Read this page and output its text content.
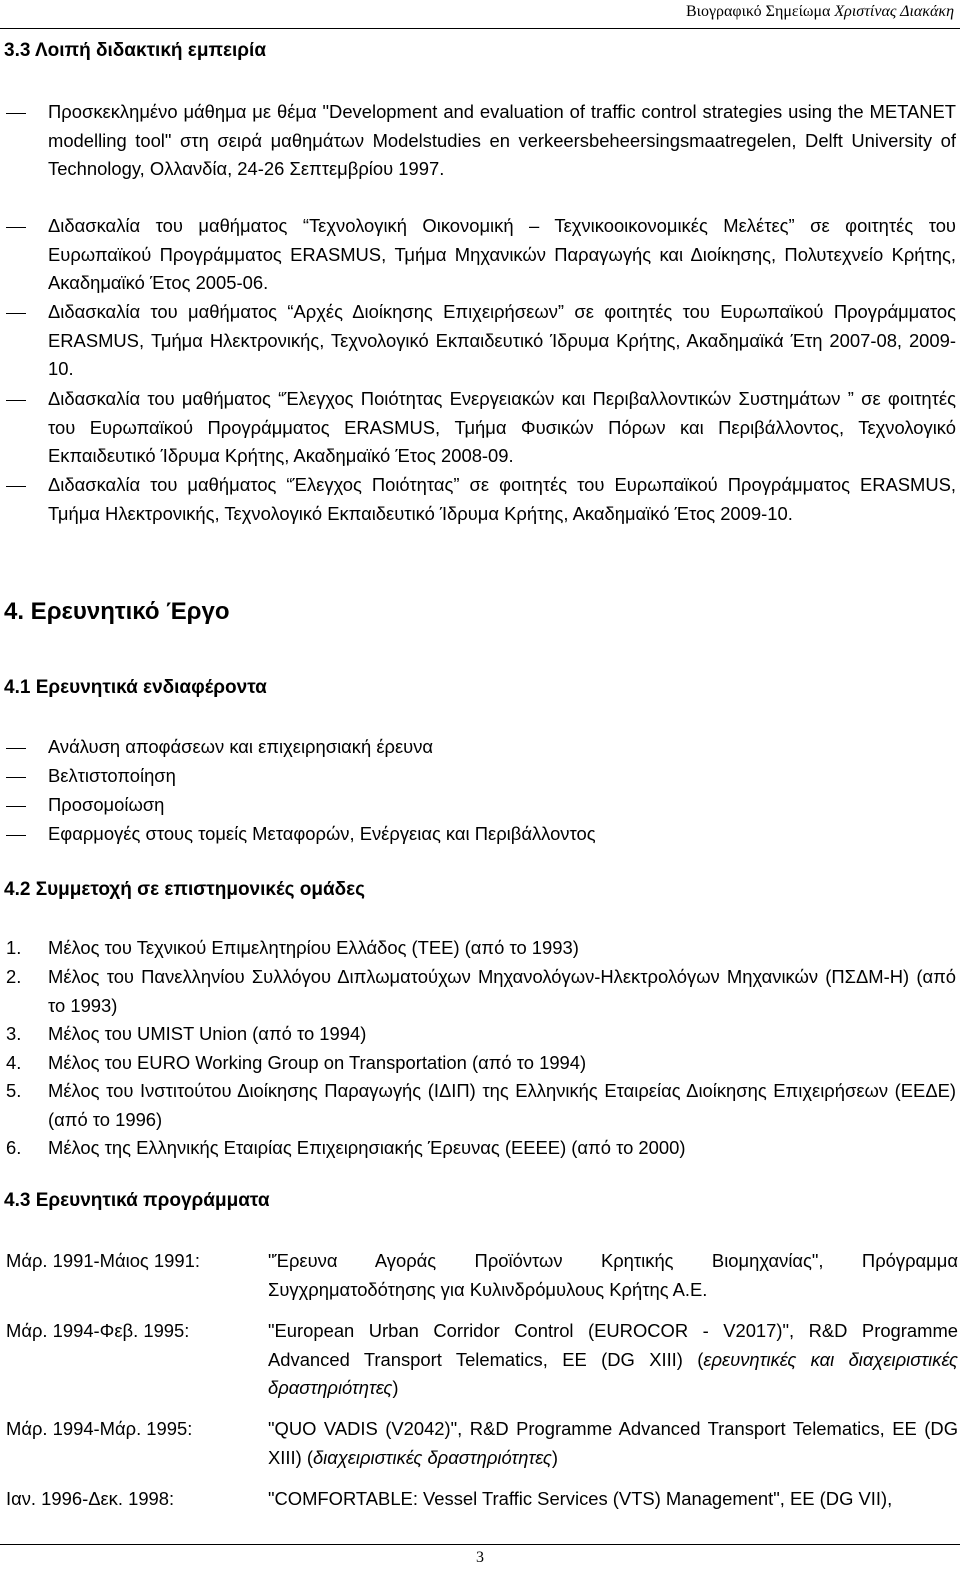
Βιογραφικό Σημείωμα Χριστίνας Διακάκη
3.3 Λοιπή διδακτική εμπειρία
Προσκεκλημένο μάθημα με θέμα "Development and evaluation of traffic control strategies using the METANET modelling tool" στη σειρά μαθημάτων Modelstudies en verkeersbeheersingsmaatregelen, Delft University of Technology, Ολλανδία, 24-26 Σεπτεμβρίου 1997.
Διδασκαλία του μαθήματος “Τεχνολογική Οικονομική – Τεχνικοοικονομικές Μελέτες” σε φοιτητές του Ευρωπαϊκού Προγράμματος ERASMUS, Τμήμα Μηχανικών Παραγωγής και Διοίκησης, Πολυτεχνείο Κρήτης, Ακαδημαϊκό Έτος 2005-06.
Διδασκαλία του μαθήματος “Αρχές Διοίκησης Επιχειρήσεων” σε φοιτητές του Ευρωπαϊκού Προγράμματος ERASMUS, Τμήμα Ηλεκτρονικής, Τεχνολογικό Εκπαιδευτικό Ίδρυμα Κρήτης, Ακαδημαϊκά Έτη 2007-08, 2009-10.
Διδασκαλία του μαθήματος “Έλεγχος Ποιότητας Ενεργειακών και Περιβαλλοντικών Συστημάτων ” σε φοιτητές του Ευρωπαϊκού Προγράμματος ERASMUS, Τμήμα Φυσικών Πόρων και Περιβάλλοντος, Τεχνολογικό Εκπαιδευτικό Ίδρυμα Κρήτης, Ακαδημαϊκό Έτος 2008-09.
Διδασκαλία του μαθήματος “Έλεγχος Ποιότητας” σε φοιτητές του Ευρωπαϊκού Προγράμματος ERASMUS, Τμήμα Ηλεκτρονικής, Τεχνολογικό Εκπαιδευτικό Ίδρυμα Κρήτης, Ακαδημαϊκό Έτος 2009-10.
4. Ερευνητικό Έργο
4.1 Ερευνητικά ενδιαφέροντα
Ανάλυση αποφάσεων και επιχειρησιακή έρευνα
Βελτιστοποίηση
Προσομοίωση
Εφαρμογές στους τομείς Μεταφορών, Ενέργειας και Περιβάλλοντος
4.2 Συμμετοχή σε επιστημονικές ομάδες
1. Μέλος του Τεχνικού Επιμελητηρίου Ελλάδος (ΤΕΕ) (από το 1993)
2. Μέλος του Πανελληνίου Συλλόγου Διπλωματούχων Μηχανολόγων-Ηλεκτρολόγων Μηχανικών (ΠΣΔΜ-Η) (από το 1993)
3. Μέλος του UMIST Union (από το 1994)
4. Μέλος του EURO Working Group on Transportation (από το 1994)
5. Μέλος του Ινστιτούτου Διοίκησης Παραγωγής (ΙΔΙΠ) της Ελληνικής Εταιρείας Διοίκησης Επιχειρήσεων (ΕΕΔΕ) (από το 1996)
6. Μέλος της Ελληνικής Εταιρίας Επιχειρησιακής Έρευνας (ΕΕΕΕ) (από το 2000)
4.3 Ερευνητικά προγράμματα
Μάρ. 1991-Μάιος 1991:	"Έρευνα Αγοράς Προϊόντων Κρητικής Βιομηχανίας", Πρόγραμμα Συγχρηματοδότησης για Κυλινδρόμυλους Κρήτης Α.Ε.
Μάρ. 1994-Φεβ. 1995:	"European Urban Corridor Control (EUROCOR - V2017)", R&D Programme Advanced Transport Telematics, ΕΕ (DG XIII) (ερευνητικές και διαχειριστικές δραστηριότητες)
Μάρ. 1994-Μάρ. 1995:	"QUO VADIS (V2042)", R&D Programme Advanced Transport Telematics, ΕΕ (DG XIII) (διαχειριστικές δραστηριότητες)
Ιαν. 1996-Δεκ. 1998:	"COMFORTABLE: Vessel Traffic Services (VTS) Management", ΕΕ (DG VII),
3
